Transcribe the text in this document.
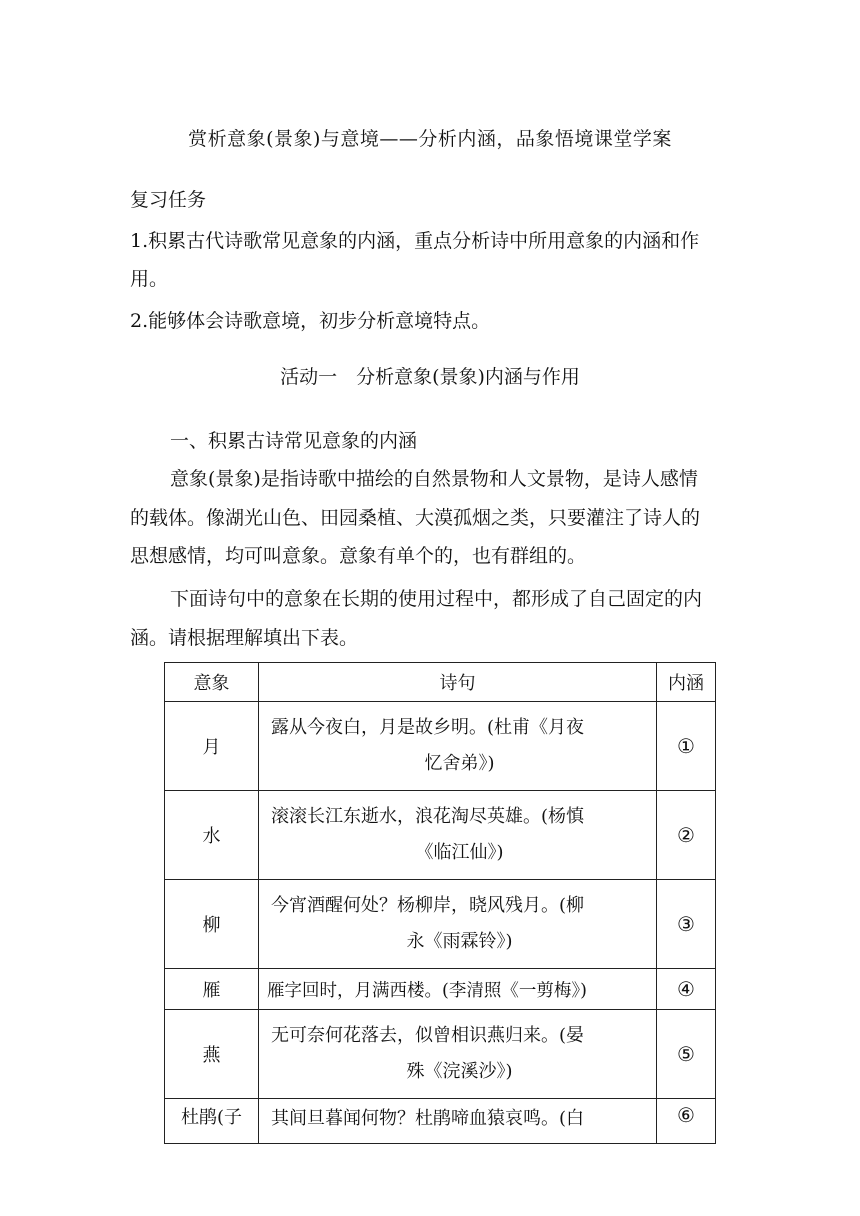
赏析意象(景象)与意境——分析内涵，品象悟境课堂学案
复习任务
1.积累古代诗歌常见意象的内涵，重点分析诗中所用意象的内涵和作
用。
2.能够体会诗歌意境，初步分析意境特点。
活动一　分析意象(景象)内涵与作用
一、积累古诗常见意象的内涵
意象(景象)是指诗歌中描绘的自然景物和人文景物，是诗人感情
的载体。像湖光山色、田园桑植、大漠孤烟之类，只要灌注了诗人的
思想感情，均可叫意象。意象有单个的，也有群组的。
下面诗句中的意象在长期的使用过程中，都形成了自己固定的内
涵。请根据理解填出下表。
意象	诗句	内涵
月	露从今夜白，月是故乡明。(杜甫《月夜
忆舍弟》)	①
水	滚滚长江东逝水，浪花淘尽英雄。(杨慎
《临江仙》)	②
柳	今宵酒醒何处？杨柳岸，晓风残月。(柳
永《雨霖铃》)	③
雁	雁字回时，月满西楼。(李清照《一剪梅》)	④
燕	无可奈何花落去，似曾相识燕归来。(晏
殊《浣溪沙》)	⑤
杜鹃(子	其间旦暮闻何物？杜鹃啼血猿哀鸣。(白	⑥
